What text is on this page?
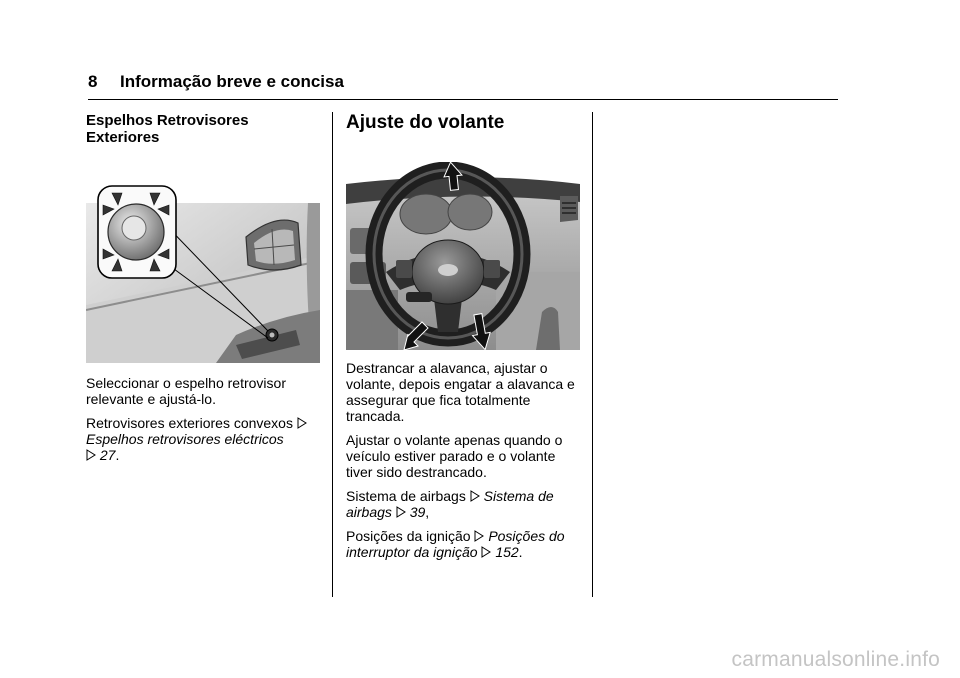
8 Informação breve e concisa
Espelhos Retrovisores Exteriores

Seleccionar o espelho retrovisor relevante e ajustá-lo.

Retrovisores exteriores convexos
Espelhos retrovisores eléctricos
27.

Ajuste do volante

Destrancar a alavanca, ajustar o volante, depois engatar a alavanca e assegurar que fica totalmente trancada.

Ajustar o volante apenas quando o veículo estiver parado e o volante tiver sido destrancado.

Sistema de airbags Sistema de airbags 39,

Posições da ignição Posições do interruptor da ignição 152.

carmanualsonline.info
